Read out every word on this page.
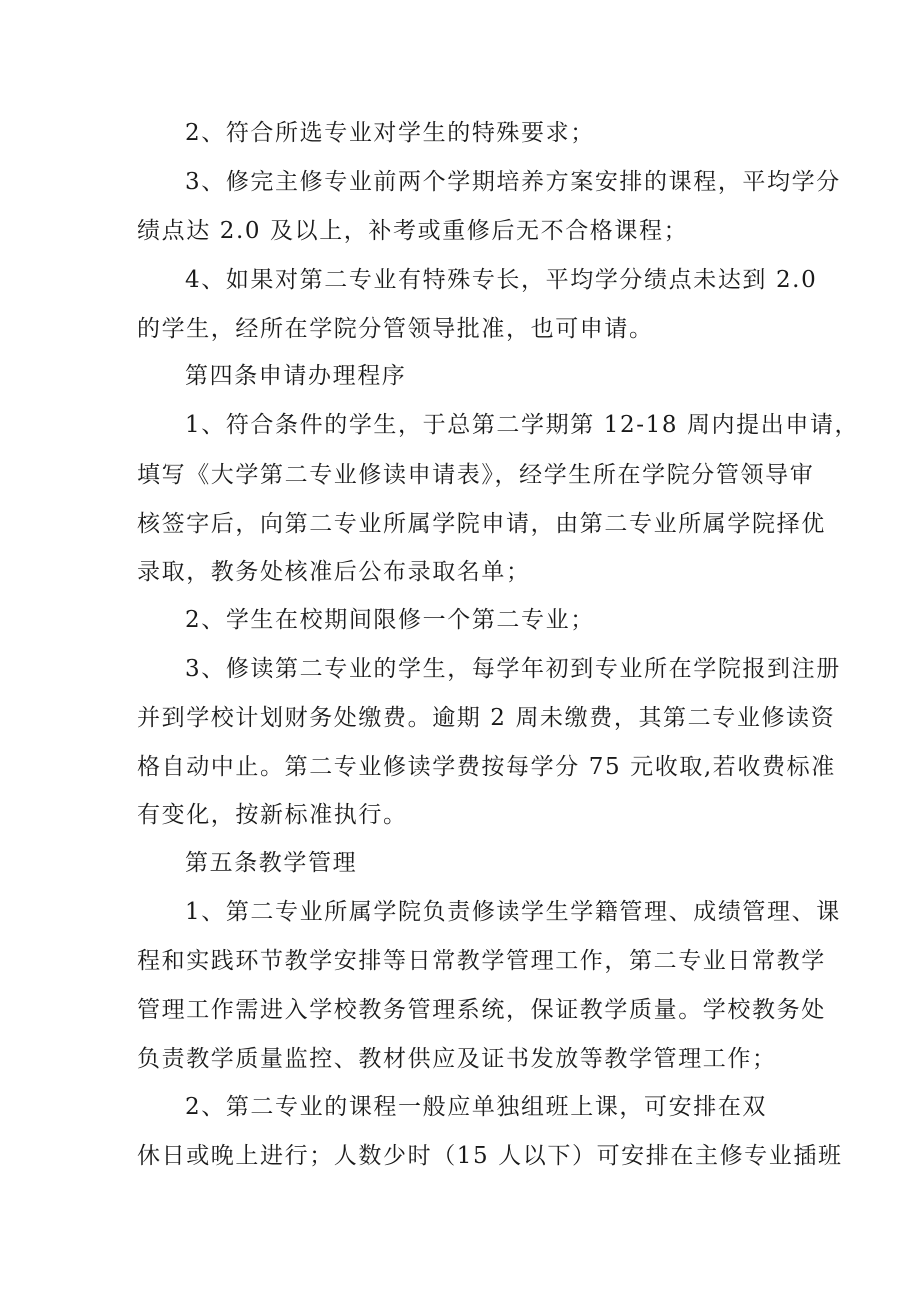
2、符合所选专业对学生的特殊要求；
3、修完主修专业前两个学期培养方案安排的课程，平均学分
绩点达 2.0 及以上，补考或重修后无不合格课程；
4、如果对第二专业有特殊专长，平均学分绩点未达到 2.0
的学生，经所在学院分管领导批准，也可申请。
第四条申请办理程序
1、符合条件的学生，于总第二学期第 12-18 周内提出申请，
填写《大学第二专业修读申请表》，经学生所在学院分管领导审
核签字后，向第二专业所属学院申请，由第二专业所属学院择优
录取，教务处核准后公布录取名单；
2、学生在校期间限修一个第二专业；
3、修读第二专业的学生，每学年初到专业所在学院报到注册
并到学校计划财务处缴费。逾期 2 周未缴费，其第二专业修读资
格自动中止。第二专业修读学费按每学分 75 元收取,若收费标准
有变化，按新标准执行。
第五条教学管理
1、第二专业所属学院负责修读学生学籍管理、成绩管理、课
程和实践环节教学安排等日常教学管理工作，第二专业日常教学
管理工作需进入学校教务管理系统，保证教学质量。学校教务处
负责教学质量监控、教材供应及证书发放等教学管理工作；
2、第二专业的课程一般应单独组班上课，可安排在双
休日或晚上进行；人数少时（15 人以下）可安排在主修专业插班
